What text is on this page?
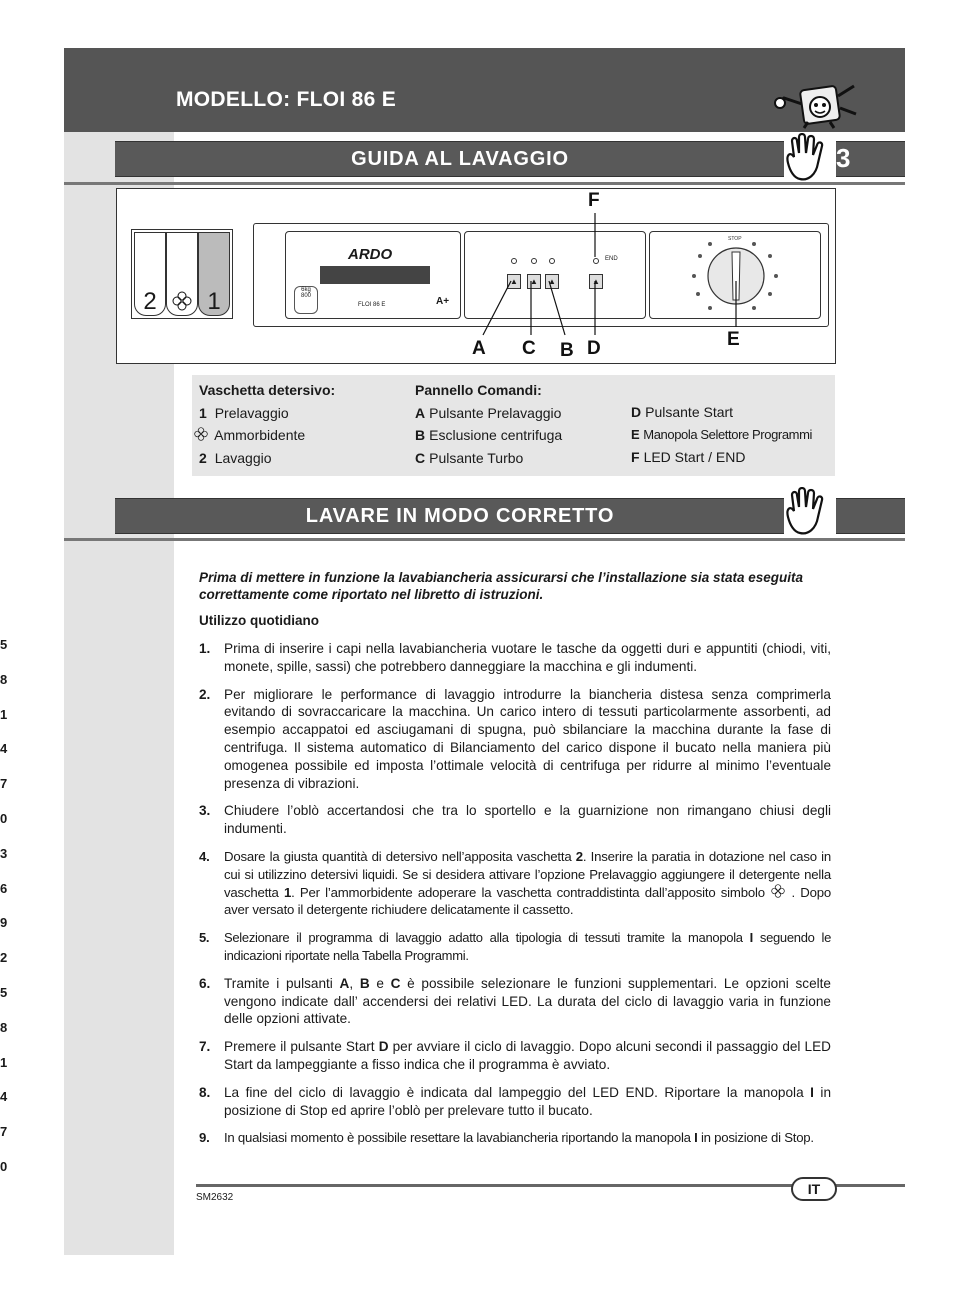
MODELLO: FLOI 86 E
GUIDA AL LAVAGGIO	3
2	1
ARDO
6kg
800
FLOI 86 E	A+
END
▲	▲	▲	▲
STOP
F
A C B D	E
Vaschetta detersivo:
1 Prelavaggio
Ammorbidente
2 Lavaggio
Pannello Comandi:
A Pulsante Prelavaggio
B Esclusione centrifuga
C Pulsante Turbo
D Pulsante Start
E Manopola Selettore Programmi
F LED Start / END
LAVARE IN MODO CORRETTO
Prima di mettere in funzione la lavabiancheria assicurarsi che l’installazione sia stata eseguita correttamente come riportato nel libretto di istruzioni.
Utilizzo quotidiano
1. Prima di inserire i capi nella lavabiancheria vuotare le tasche da oggetti duri e appuntiti (chiodi, viti, monete, spille, sassi) che potrebbero danneggiare la macchina e gli indumenti.
2. Per migliorare le performance di lavaggio introdurre la biancheria distesa senza comprimerla evitando di sovraccaricare la macchina. Un carico intero di tessuti particolarmente assorbenti, ad esempio accappatoi ed asciugamani di spugna, può sbilanciare la macchina durante la fase di centrifuga. Il sistema automatico di Bilanciamento del carico dispone il bucato nella maniera più omogenea possibile ed imposta l’ottimale velocità di centrifuga per ridurre al minimo l’eventuale presenza di vibrazioni.
3. Chiudere l’oblò accertandosi che tra lo sportello e la guarnizione non rimangano chiusi degli indumenti.
4. Dosare la giusta quantità di detersivo nell’apposita vaschetta 2. Inserire la paratia in dotazione nel caso in cui si utilizzino detersivi liquidi. Se si desidera attivare l’opzione Prelavaggio aggiungere il detergente nella vaschetta 1. Per l’ammorbidente adoperare la vaschetta contraddistinta dall’apposito simbolo  . Dopo aver versato il detergente richiudere delicatamente il cassetto.
5. Selezionare il programma di lavaggio adatto alla tipologia di tessuti tramite la manopola I seguendo le indicazioni riportate nella Tabella Programmi.
6. Tramite i pulsanti A, B e C è possibile selezionare le funzioni supplementari. Le opzioni scelte vengono indicate dall’ accendersi dei relativi LED. La durata del ciclo di lavaggio varia in funzione delle opzioni attivate.
7. Premere il pulsante Start D per avviare il ciclo di lavaggio. Dopo alcuni secondi il passaggio del LED Start da lampeggiante a fisso indica che il programma è avviato.
8. La fine del ciclo di lavaggio è indicata dal lampeggio del LED END. Riportare la manopola I in posizione di Stop ed aprire l’oblò per prelevare tutto il bucato.
9. In qualsiasi momento è possibile resettare la lavabiancheria riportando la manopola I in posizione di Stop.
5
8
1
4
7
0
3
6
9
2
5
8
1
4
7
0
IT
SM2632
